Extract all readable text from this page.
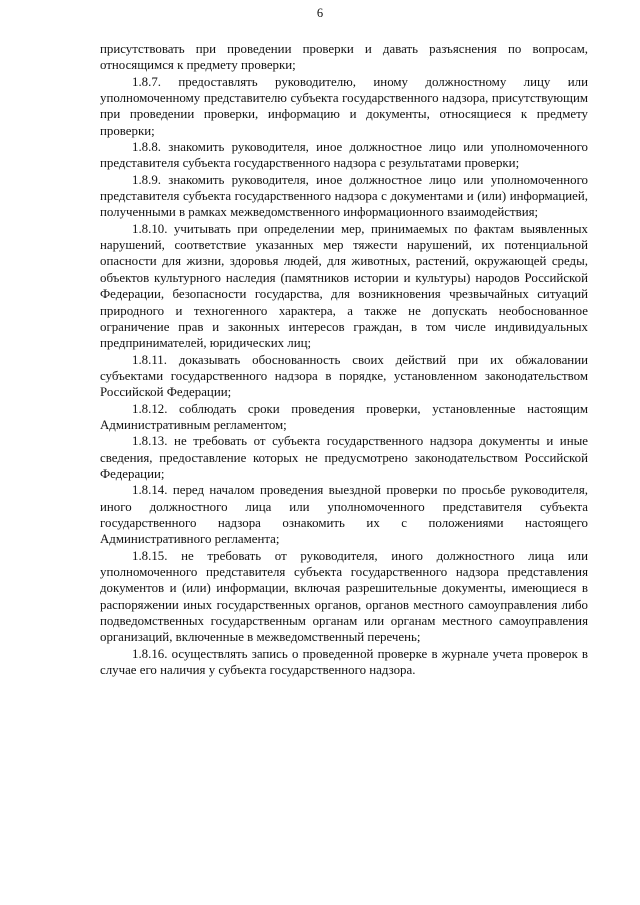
6

присутствовать при проведении проверки и давать разъяснения по вопросам, относящимся к предмету проверки;

1.8.7. предоставлять руководителю, иному должностному лицу или уполномоченному представителю субъекта государственного надзора, присутствующим при проведении проверки, информацию и документы, относящиеся к предмету проверки;

1.8.8. знакомить руководителя, иное должностное лицо или уполномоченного представителя субъекта государственного надзора с результатами проверки;

1.8.9. знакомить руководителя, иное должностное лицо или уполномоченного представителя субъекта государственного надзора с документами и (или) информацией, полученными в рамках межведомственного информационного взаимодействия;

1.8.10. учитывать при определении мер, принимаемых по фактам выявленных нарушений, соответствие указанных мер тяжести нарушений, их потенциальной опасности для жизни, здоровья людей, для животных, растений, окружающей среды, объектов культурного наследия (памятников истории и культуры) народов Российской Федерации, безопасности государства, для возникновения чрезвычайных ситуаций природного и техногенного характера, а также не допускать необоснованное ограничение прав и законных интересов граждан, в том числе индивидуальных предпринимателей, юридических лиц;

1.8.11. доказывать обоснованность своих действий при их обжаловании субъектами государственного надзора в порядке, установленном законодательством Российской Федерации;

1.8.12. соблюдать сроки проведения проверки, установленные настоящим Административным регламентом;

1.8.13. не требовать от субъекта государственного надзора документы и иные сведения, предоставление которых не предусмотрено законодательством Российской Федерации;

1.8.14. перед началом проведения выездной проверки по просьбе руководителя, иного должностного лица или уполномоченного представителя субъекта государственного надзора ознакомить их с положениями настоящего Административного регламента;

1.8.15. не требовать от руководителя, иного должностного лица или уполномоченного представителя субъекта государственного надзора представления документов и (или) информации, включая разрешительные документы, имеющиеся в распоряжении иных государственных органов, органов местного самоуправления либо подведомственных государственным органам или органам местного самоуправления организаций, включенные в межведомственный перечень;

1.8.16. осуществлять запись о проведенной проверке в журнале учета проверок в случае его наличия у субъекта государственного надзора.
